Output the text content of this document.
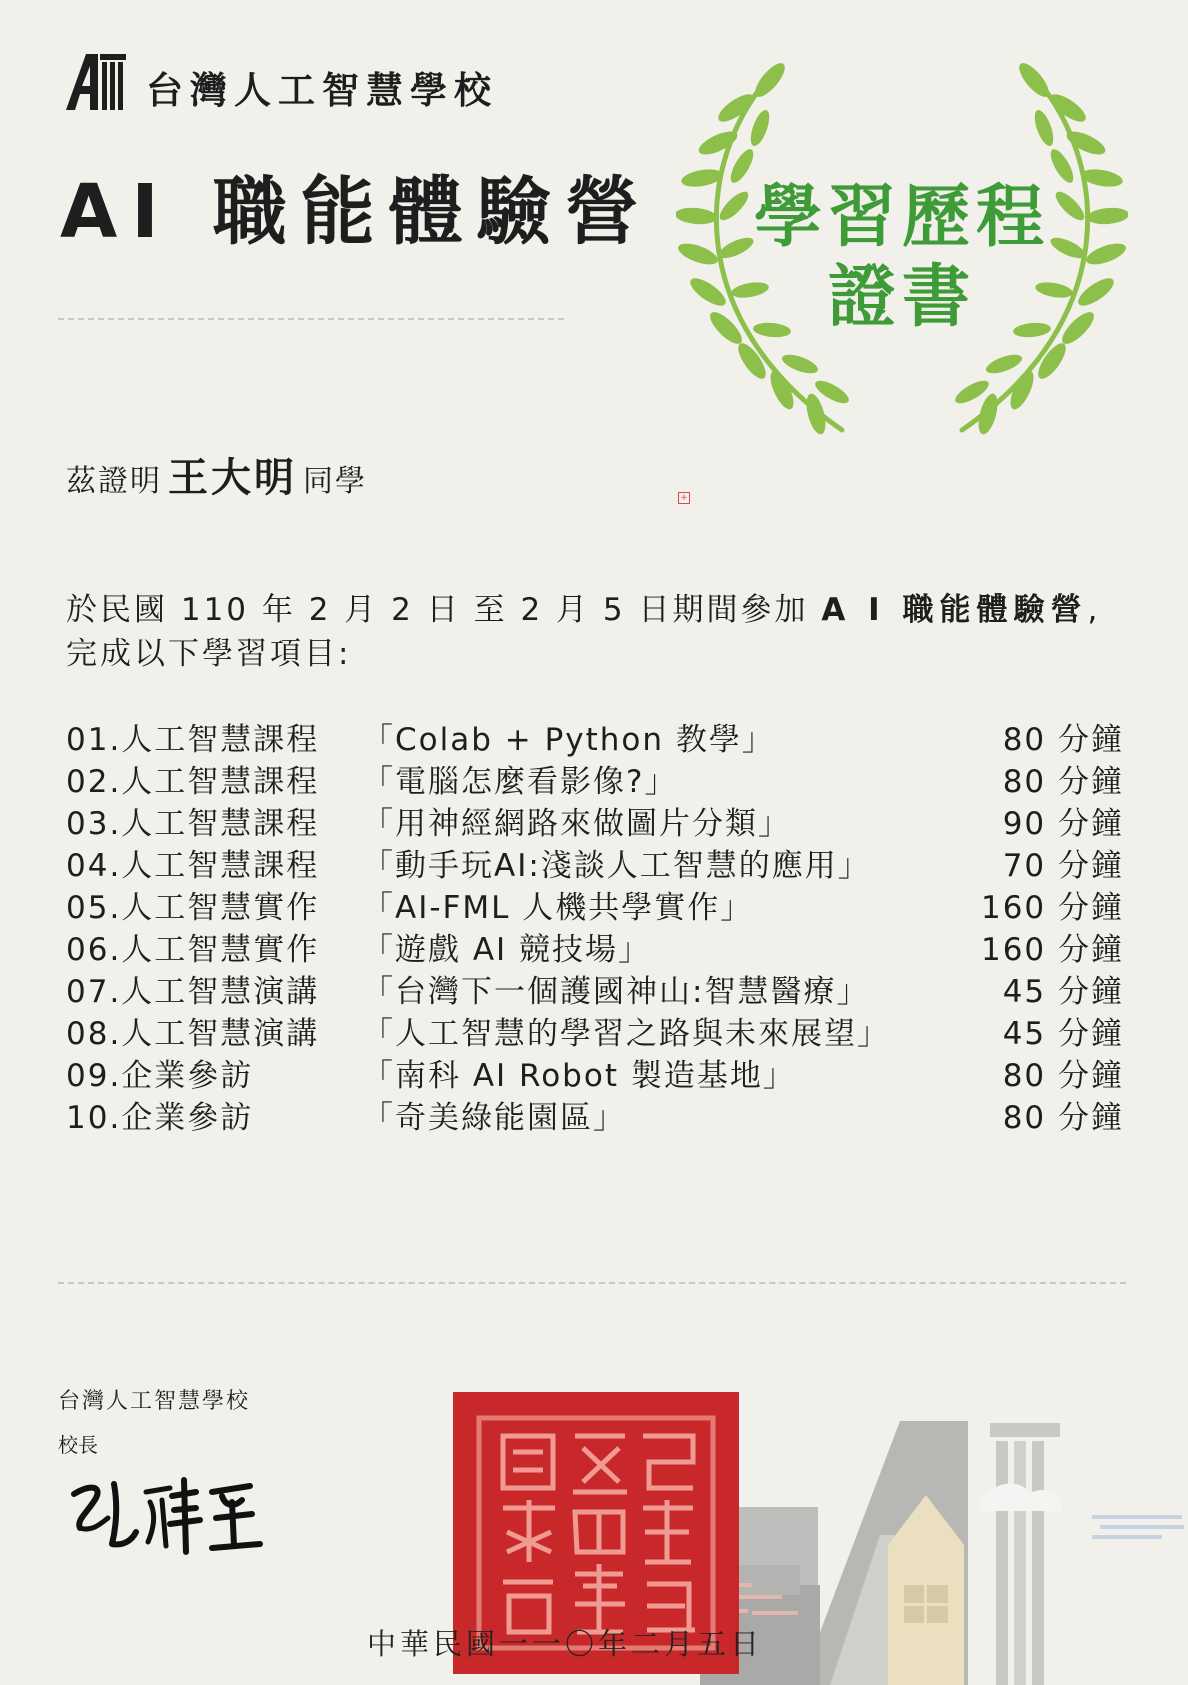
台灣人工智慧學校
AI 職能體驗營	學習歷程
證書
+
茲證明 王大明 同學
於民國 110 年 2 月 2 日 至 2 月 5 日期間參加 A I 職能體驗營, 完成以下學習項目:
01.人工智慧課程 「Colab + Python 教學」	80 分鐘
02.人工智慧課程 「電腦怎麼看影像?」	80 分鐘
03.人工智慧課程 「用神經網路來做圖片分類」	90 分鐘
04.人工智慧課程 「動手玩AI:淺談人工智慧的應用」	70 分鐘
05.人工智慧實作 「AI-FML 人機共學實作」	160 分鐘
06.人工智慧實作 「遊戲 AI 競技場」	160 分鐘
07.人工智慧演講 「台灣下一個護國神山:智慧醫療」	45 分鐘
08.人工智慧演講 「人工智慧的學習之路與未來展望」	45 分鐘
09.企業參訪	「南科 AI Robot 製造基地」	80 分鐘
10.企業參訪	「奇美綠能園區」	80 分鐘
台灣人工智慧學校
校長
中華民國一一〇年二月五日
